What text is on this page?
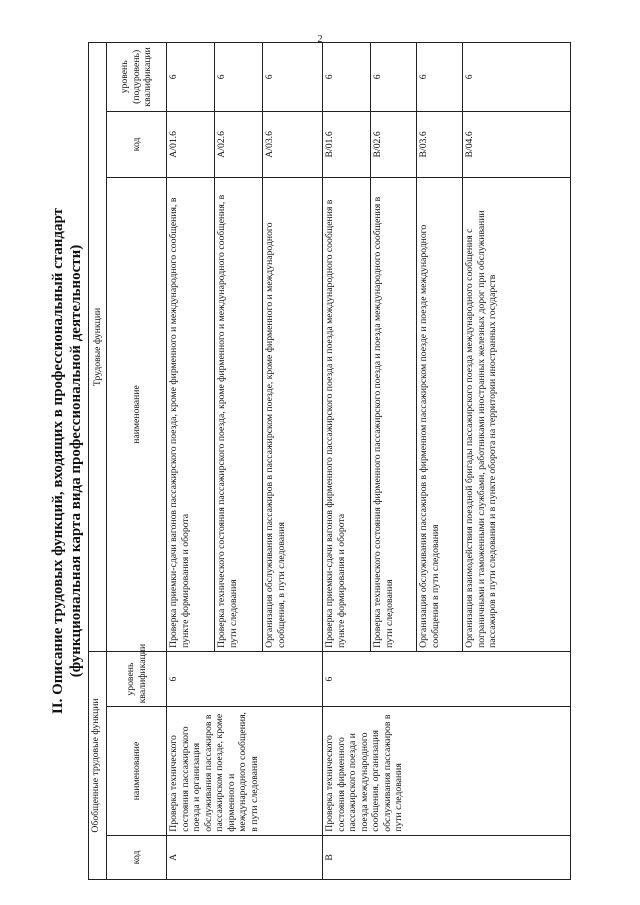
2
II. Описание трудовых функций, входящих в профессиональный стандарт (функциональная карта вида профессиональной деятельности)
Обобщенные трудовые функции			Трудовые функции		
код	наименование	уровень квалификации	наименование	код	уровень (подуровень) квалификации
A	Проверка технического состояния пассажирского поезда и организация обслуживания пассажиров в пассажирском поезде, кроме фирменного и международного сообщения, в пути следования	6	Проверка приемки-сдачи вагонов пассажирского поезда, кроме фирменного и международного сообщения, в пункте формирования и оборота	A/01.6	6
			Проверка технического состояния пассажирского поезда, кроме фирменного и международного сообщения, в пути следования	A/02.6	6
			Организация обслуживания пассажиров в пассажирском поезде, кроме фирменного и международного сообщения, в пути следования	A/03.6	6
B	Проверка технического состояния фирменного пассажирского поезда и поезда международного сообщения, организация обслуживания пассажиров в пути следования	6	Проверка приемки-сдачи вагонов фирменного пассажирского поезда и поезда международного сообщения в пункте формирования и оборота	B/01.6	6
			Проверка технического состояния фирменного пассажирского поезда и поезда международного сообщения в пути следования	B/02.6	6
			Организация обслуживания пассажиров в фирменном пассажирском поезде и поезде международного сообщения в пути следования	B/03.6	6
			Организация взаимодействия поездной бригады пассажирского поезда международного сообщения с пограничными и таможенными службами, работниками иностранных железных дорог при обслуживании пассажиров в пути следования и в пункте оборота на территории иностранных государств	B/04.6	6
